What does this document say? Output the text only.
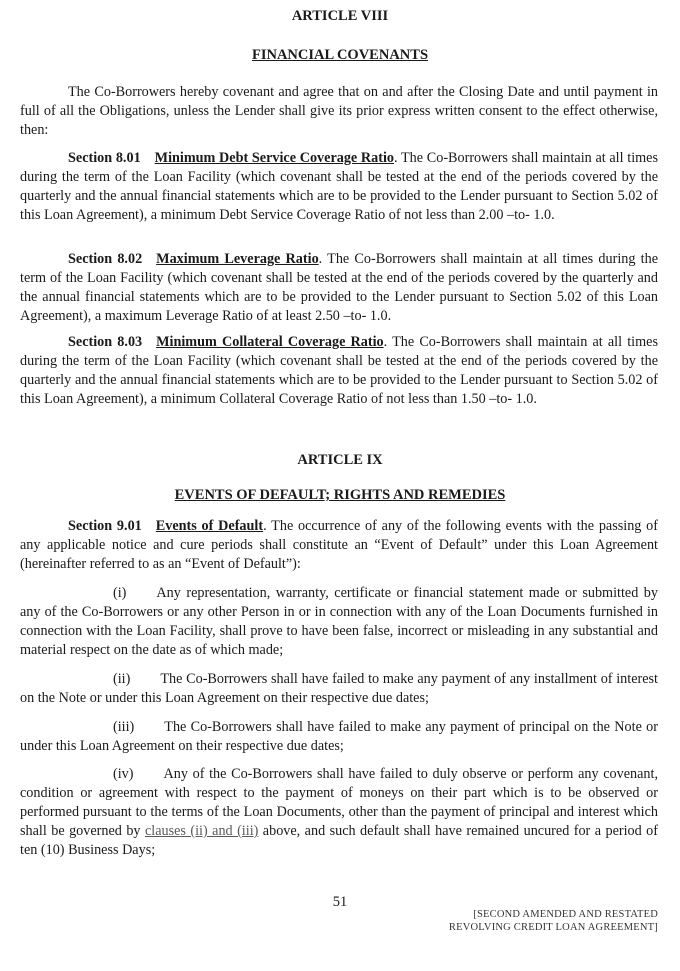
ARTICLE VIII
FINANCIAL COVENANTS

The Co-Borrowers hereby covenant and agree that on and after the Closing Date and until payment in full of all the Obligations, unless the Lender shall give its prior express written consent to the effect otherwise, then:

Section 8.01 Minimum Debt Service Coverage Ratio. The Co-Borrowers shall maintain at all times during the term of the Loan Facility (which covenant shall be tested at the end of the periods covered by the quarterly and the annual financial statements which are to be provided to the Lender pursuant to Section 5.02 of this Loan Agreement), a minimum Debt Service Coverage Ratio of not less than 2.00 –to- 1.0.

Section 8.02 Maximum Leverage Ratio. The Co-Borrowers shall maintain at all times during the term of the Loan Facility (which covenant shall be tested at the end of the periods covered by the quarterly and the annual financial statements which are to be provided to the Lender pursuant to Section 5.02 of this Loan Agreement), a maximum Leverage Ratio of at least 2.50 –to- 1.0.

Section 8.03 Minimum Collateral Coverage Ratio. The Co-Borrowers shall maintain at all times during the term of the Loan Facility (which covenant shall be tested at the end of the periods covered by the quarterly and the annual financial statements which are to be provided to the Lender pursuant to Section 5.02 of this Loan Agreement), a minimum Collateral Coverage Ratio of not less than 1.50 –to- 1.0.

ARTICLE IX
EVENTS OF DEFAULT; RIGHTS AND REMEDIES

Section 9.01 Events of Default. The occurrence of any of the following events with the passing of any applicable notice and cure periods shall constitute an “Event of Default” under this Loan Agreement (hereinafter referred to as an “Event of Default”):

(i) Any representation, warranty, certificate or financial statement made or submitted by any of the Co-Borrowers or any other Person in or in connection with any of the Loan Documents furnished in connection with the Loan Facility, shall prove to have been false, incorrect or misleading in any substantial and material respect on the date as of which made;

(ii) The Co-Borrowers shall have failed to make any payment of any installment of interest on the Note or under this Loan Agreement on their respective due dates;

(iii) The Co-Borrowers shall have failed to make any payment of principal on the Note or under this Loan Agreement on their respective due dates;

(iv) Any of the Co-Borrowers shall have failed to duly observe or perform any covenant, condition or agreement with respect to the payment of moneys on their part which is to be observed or performed pursuant to the terms of the Loan Documents, other than the payment of principal and interest which shall be governed by clauses (ii) and (iii) above, and such default shall have remained uncured for a period of ten (10) Business Days;

51
[SECOND AMENDED AND RESTATED
REVOLVING CREDIT LOAN AGREEMENT]
